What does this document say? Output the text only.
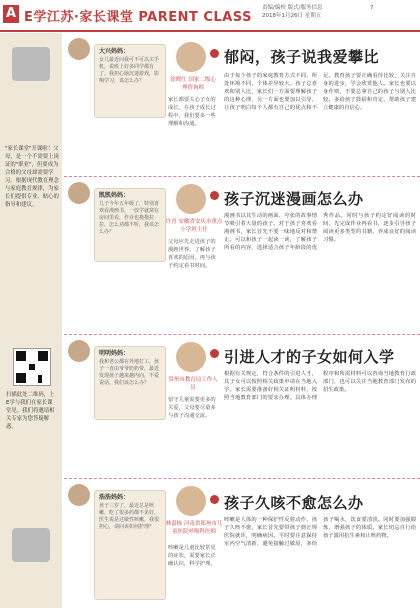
A E学江苏·家长课堂 PARENT CLASS
责编/编校 版式/服务信息
2018年1月26日 星期五
7
"家长课堂"开课啦！父母，是一个不需要上岗证的"职业"，但要成为合格的父母却需要学习。根据现代教育理念与家庭教育规律，为家长们提供专业、贴心的指导和建议。
扫描此处二维码，上E学与我们在家长课堂见。我们将邀请相关专家为您答疑解惑。
大兴妈妈：
女儿最近问我可不可以买手机，说班上好多同学都有了。我担心她沉迷游戏，影响学习，该怎么办？	徐晓红 国家二级心理咨询师
家长都要关心子女的成长，在孩子成长过程中，我们要多一些理解和沟通。
郁闷，孩子说我爱攀比
由于每个孩子的家庭教育方式不同，所处环境不同，个体差异较大。孩子总喜欢和别人比，家长们一方面要理解孩子的这种心理，另一方面也要加以引导，让孩子明白每个人都有自己的优点和不足。教育孩子要正确看待比较，关注自身的进步，学会欣赏他人。家长也要以身作则，不要总拿自己的孩子与别人比较，多给孩子鼓励和肯定，帮助孩子建立健康的自信心。
凯凯妈妈：
儿子今年五年级了，特别喜欢看漫画书，一放学就窝在房间里看，作业也拖拖拉拉，怎么劝都不听，我该怎么办？
许青 安徽省安庆市重点小学班主任
父母应先走进孩子的漫画世界，了解孩子喜欢的原因，再与孩子约定看书时间。
孩子沉迷漫画怎么办
漫画书以其生动的画面、夸张的故事情节吸引着大量的孩子。对于孩子喜欢看漫画书，家长首先不要一味地反对和禁止。可以和孩子一起读一读，了解孩子所看的内容，选择适合孩子年龄段的优秀作品。同时与孩子约定好阅读的时间，先完成作业再看书，逐步引导孩子阅读更多类型的书籍，养成良好的阅读习惯。
明明妈妈：
我和老公都在外地打工，孩子一直由爷爷奶奶带，最近发现孩子越来越内向，不爱说话，我们该怎么办？	常州市教育局工作人员
留守儿童需要更多的关爱，父母要尽量多与孩子沟通交流。
引进人才的子女如何入学
根据有关规定，符合条件的引进人才，其子女可以按照相关政策申请在当地入学。家长需要准备好相关证明材料，按照当地教育部门的要求办理。具体办理程序和所需材料可以咨询当地教育行政部门，也可以关注当地教育部门发布的招生政策。
浩浩妈妈：
孩子三岁了，最近总是咳嗽，吃了很多药都不见好，医生说是过敏性咳嗽，我很担心，请问该如何护理？	林嘉栋 河南省郑州市儿童医院呼吸科医师
咳嗽是儿童比较常见的症状，需要家长正确认识，科学护理。
孩子久咳不愈怎么办
咳嗽是人体的一种保护性反射动作，孩子久咳不愈，家长首先要带孩子到正规医院就诊，明确病因。平时要注意保持室内空气清新，避免接触过敏原，多给孩子喝水，饮食要清淡。同时要加强锻炼，增强孩子的体质。家长切忌自行给孩子滥用抗生素和止咳药物。
